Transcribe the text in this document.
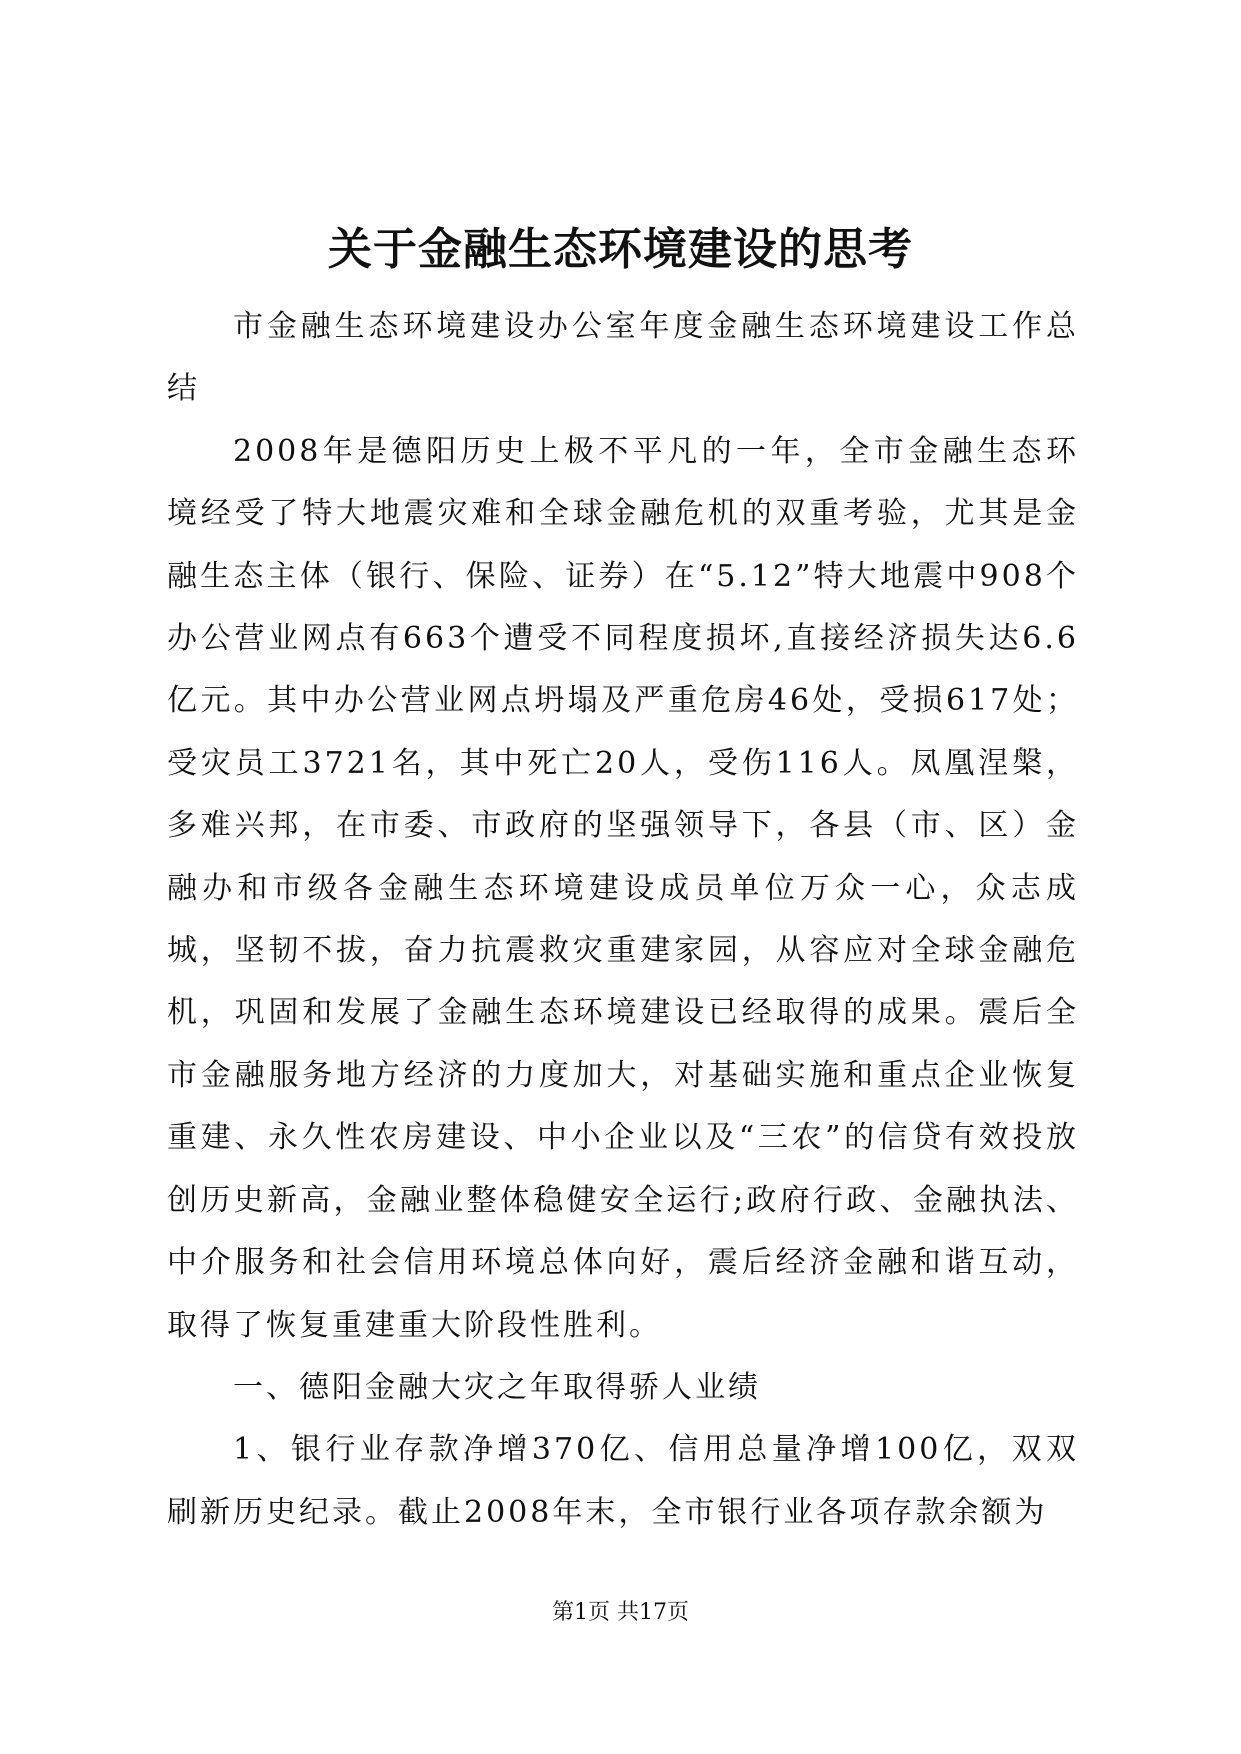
关于金融生态环境建设的思考

市金融生态环境建设办公室年度金融生态环境建设工作总结

2008年是德阳历史上极不平凡的一年，全市金融生态环境经受了特大地震灾难和全球金融危机的双重考验，尤其是金融生态主体（银行、保险、证券）在“5.12”特大地震中908个办公营业网点有663个遭受不同程度损坏,直接经济损失达6.6亿元。其中办公营业网点坍塌及严重危房46处，受损617处；受灾员工3721名，其中死亡20人，受伤116人。凤凰涅槃，多难兴邦，在市委、市政府的坚强领导下，各县（市、区）金融办和市级各金融生态环境建设成员单位万众一心，众志成城，坚韧不拔，奋力抗震救灾重建家园，从容应对全球金融危机，巩固和发展了金融生态环境建设已经取得的成果。震后全市金融服务地方经济的力度加大，对基础实施和重点企业恢复重建、永久性农房建设、中小企业以及“三农”的信贷有效投放创历史新高，金融业整体稳健安全运行;政府行政、金融执法、中介服务和社会信用环境总体向好，震后经济金融和谐互动，取得了恢复重建重大阶段性胜利。

一、德阳金融大灾之年取得骄人业绩

1、银行业存款净增370亿、信用总量净增100亿，双双刷新历史纪录。截止2008年末，全市银行业各项存款余额为

第1页 共17页
